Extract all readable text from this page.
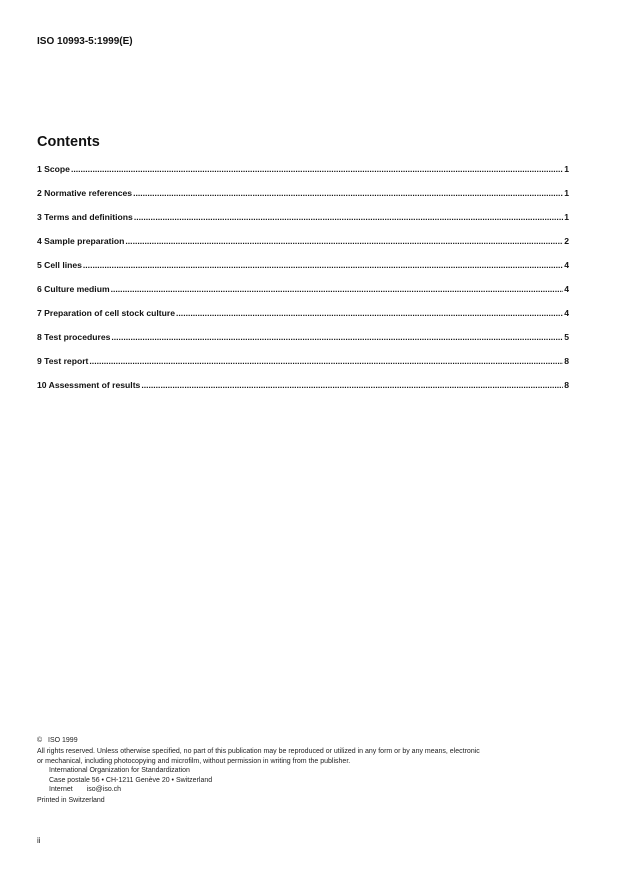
ISO 10993-5:1999(E)
Contents
1 Scope .....	1
2 Normative references .....	1
3 Terms and definitions .....	1
4 Sample preparation .....	2
5 Cell lines .....	4
6 Culture medium .....	4
7 Preparation of cell stock culture .....	4
8 Test procedures .....	5
9 Test report .....	8
10 Assessment of results .....	8
© ISO 1999
All rights reserved. Unless otherwise specified, no part of this publication may be reproduced or utilized in any form or by any means, electronic
or mechanical, including photocopying and microfilm, without permission in writing from the publisher.
International Organization for Standardization
Case postale 56 • CH-1211 Genève 20 • Switzerland
Internet iso@iso.ch
Printed in Switzerland
ii
